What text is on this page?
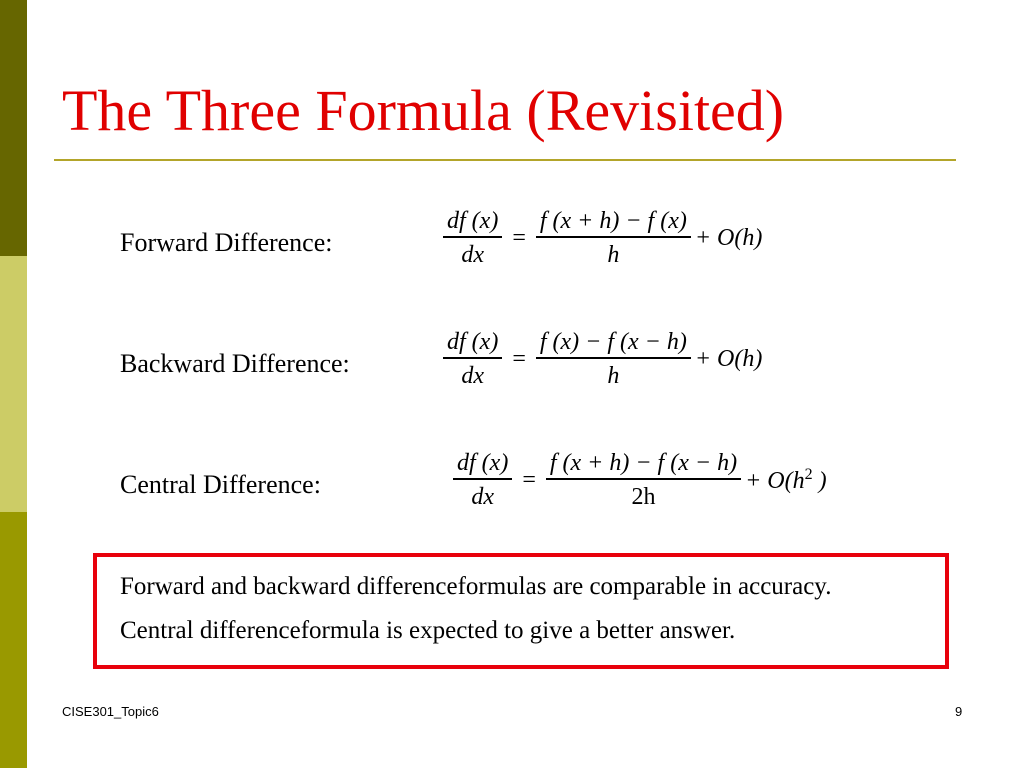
The Three Formula (Revisited)
Forward Difference:	$\frac{df (x)}{dx} = \frac{f (x + h) - f (x)}{h} + O(h)$
Backward Difference:	$\frac{df (x)}{dx} = \frac{f (x) - f (x - h)}{h} + O(h)$
Central Difference:	$\frac{df (x)}{dx} = \frac{f (x + h) - f (x - h)}{2h} + O(h^2$ )
Forward and backward differenceformulas are comparable in accuracy.
Central differenceformula is expected to give a better answer.
CISE301_Topic6	9
